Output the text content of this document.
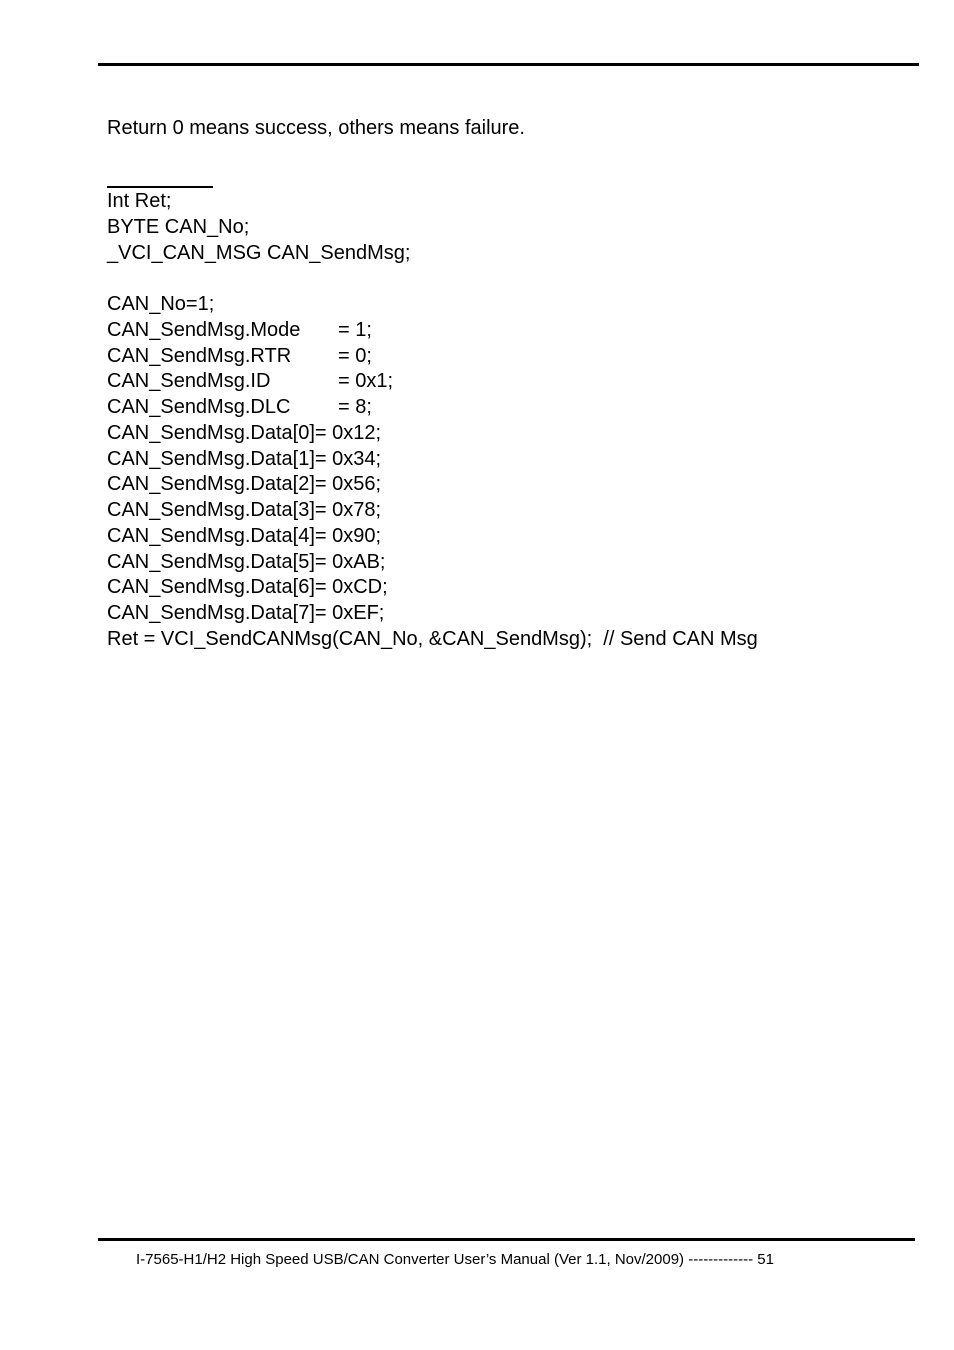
Return 0 means success, others means failure.
Int Ret;
BYTE CAN_No;
_VCI_CAN_MSG CAN_SendMsg;
CAN_No=1;
CAN_SendMsg.Mode = 1;
CAN_SendMsg.RTR = 0;
CAN_SendMsg.ID	= 0x1;
CAN_SendMsg.DLC = 8;
CAN_SendMsg.Data[0]= 0x12;
CAN_SendMsg.Data[1]= 0x34;
CAN_SendMsg.Data[2]= 0x56;
CAN_SendMsg.Data[3]= 0x78;
CAN_SendMsg.Data[4]= 0x90;
CAN_SendMsg.Data[5]= 0xAB;
CAN_SendMsg.Data[6]= 0xCD;
CAN_SendMsg.Data[7]= 0xEF;
Ret = VCI_SendCANMsg(CAN_No, &CAN_SendMsg);  // Send CAN Msg
I-7565-H1/H2 High Speed USB/CAN Converter User’s Manual (Ver 1.1, Nov/2009) ------------- 51
